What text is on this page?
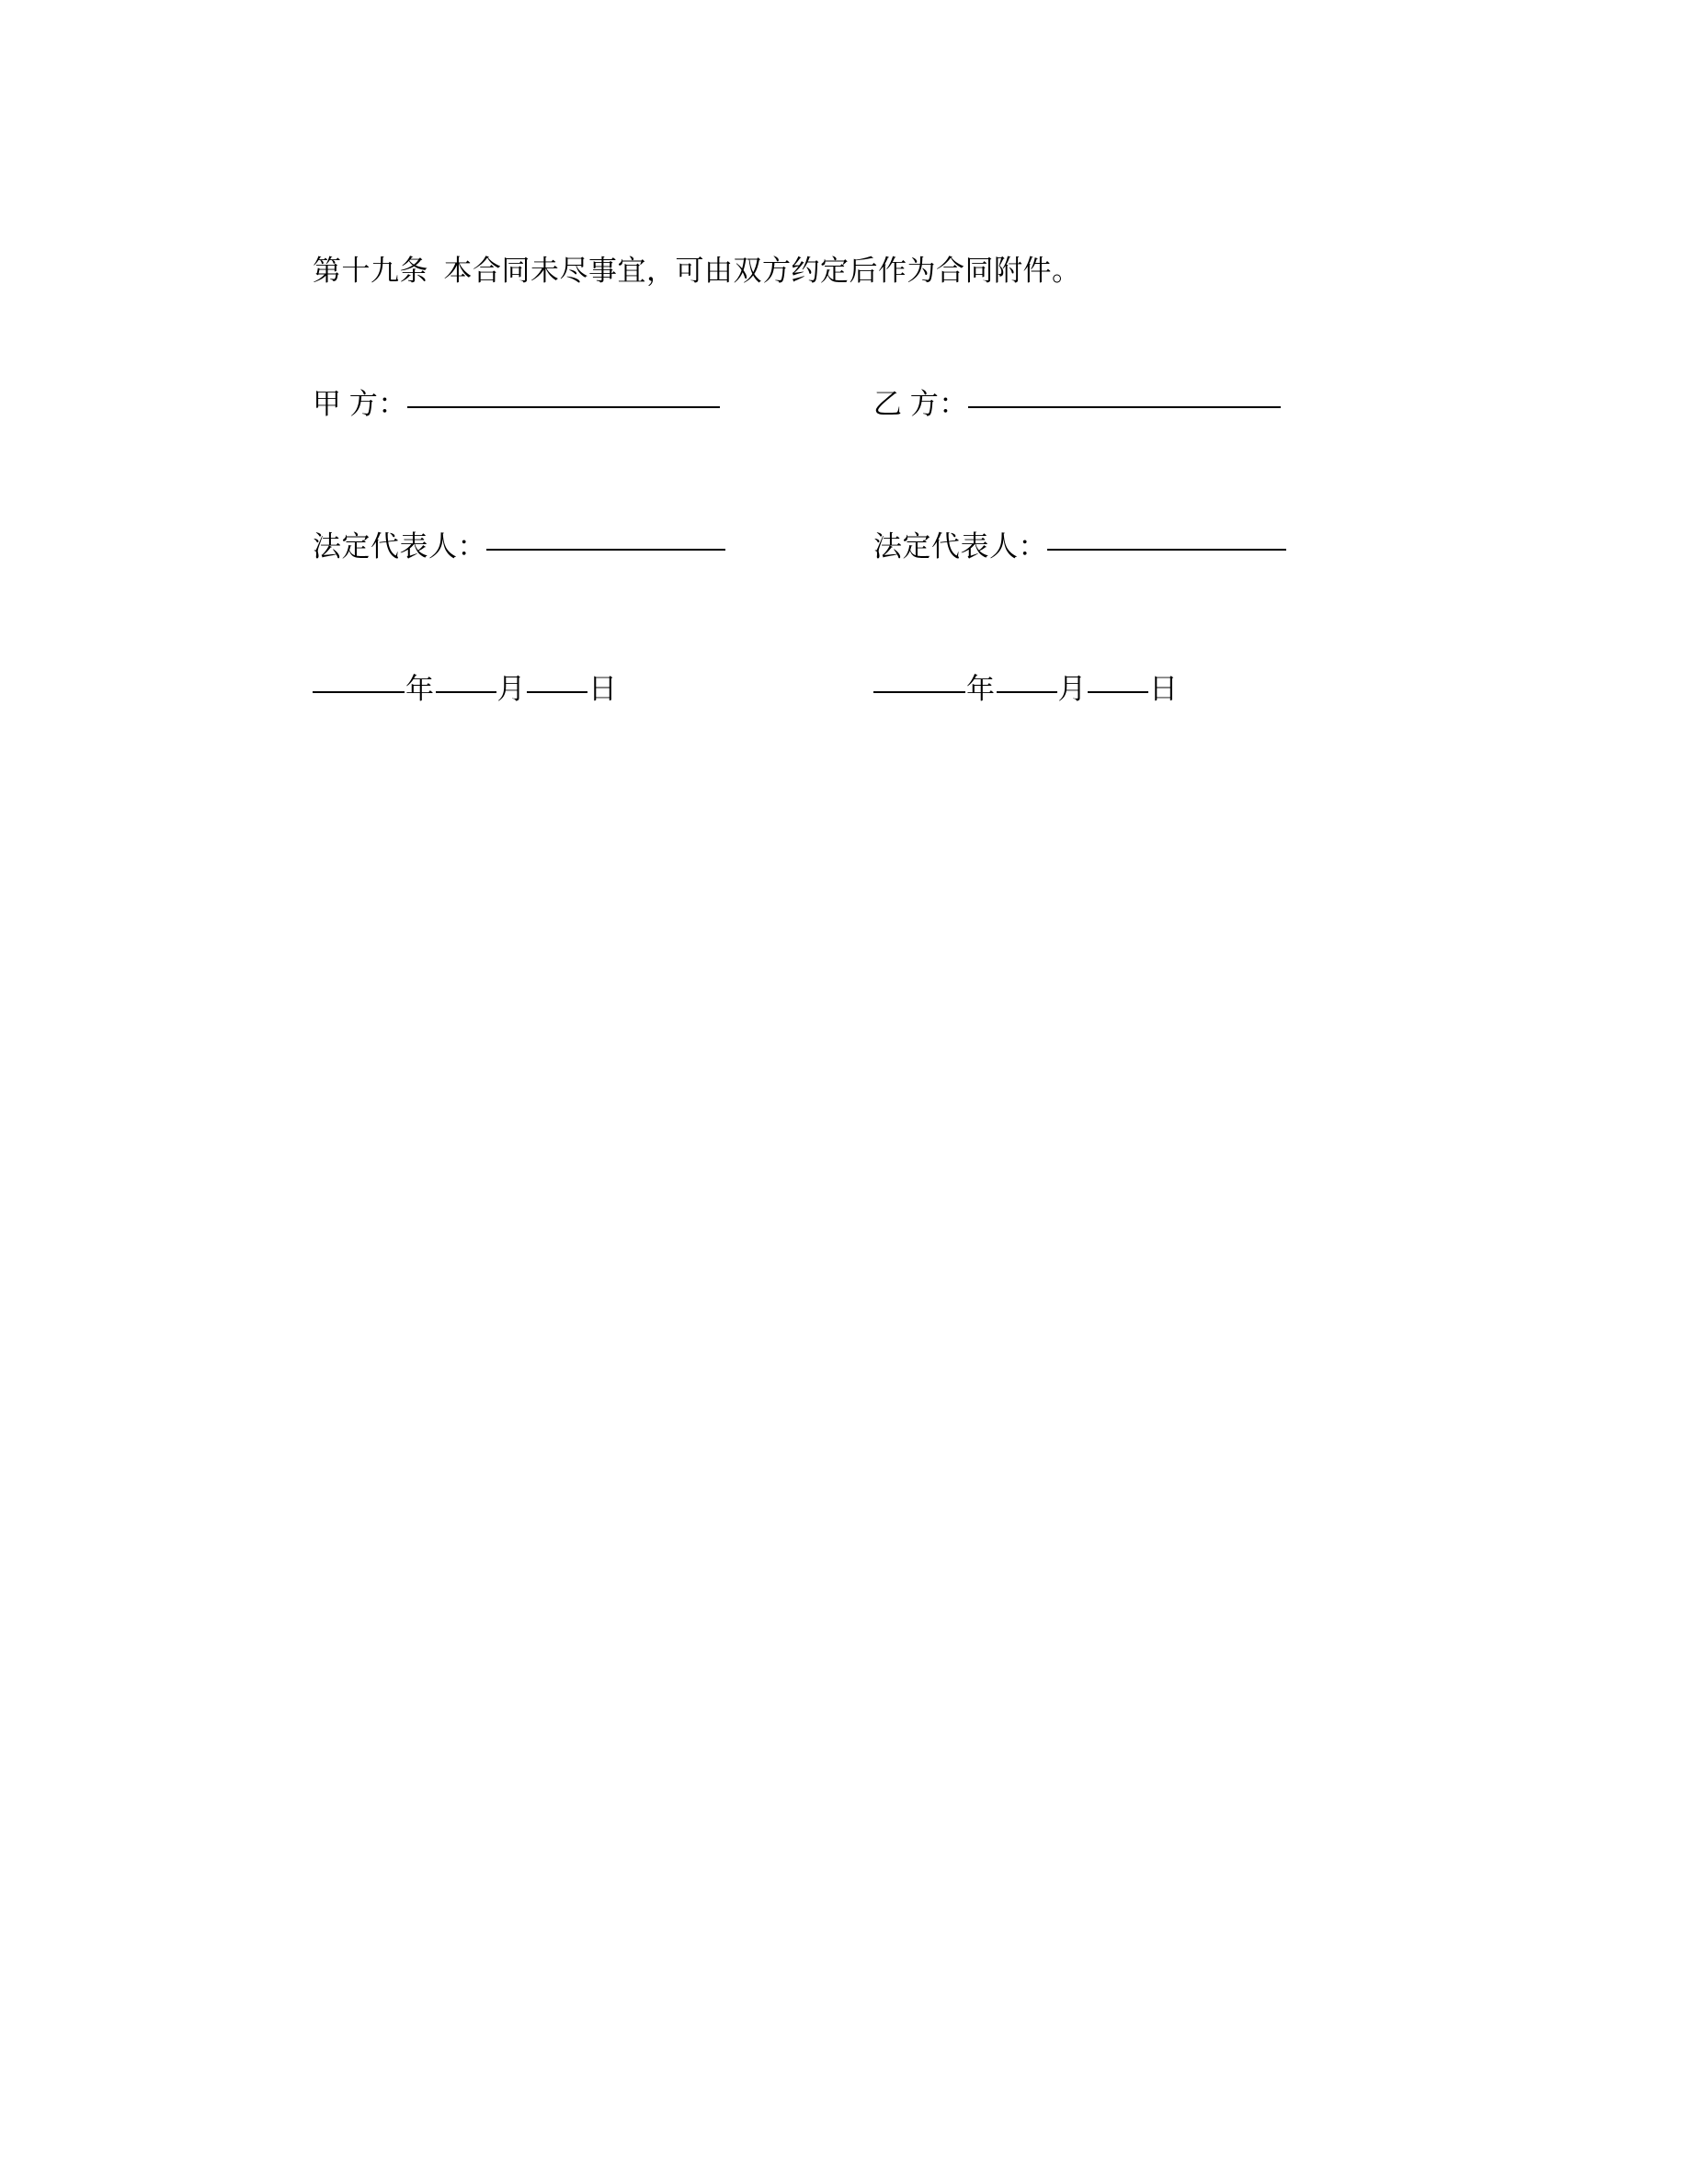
第十九条 本合同未尽事宜，可由双方约定后作为合同附件。
甲 方：	乙 方：
法定代表人：	法定代表人：
年 月 日	年 月 日
